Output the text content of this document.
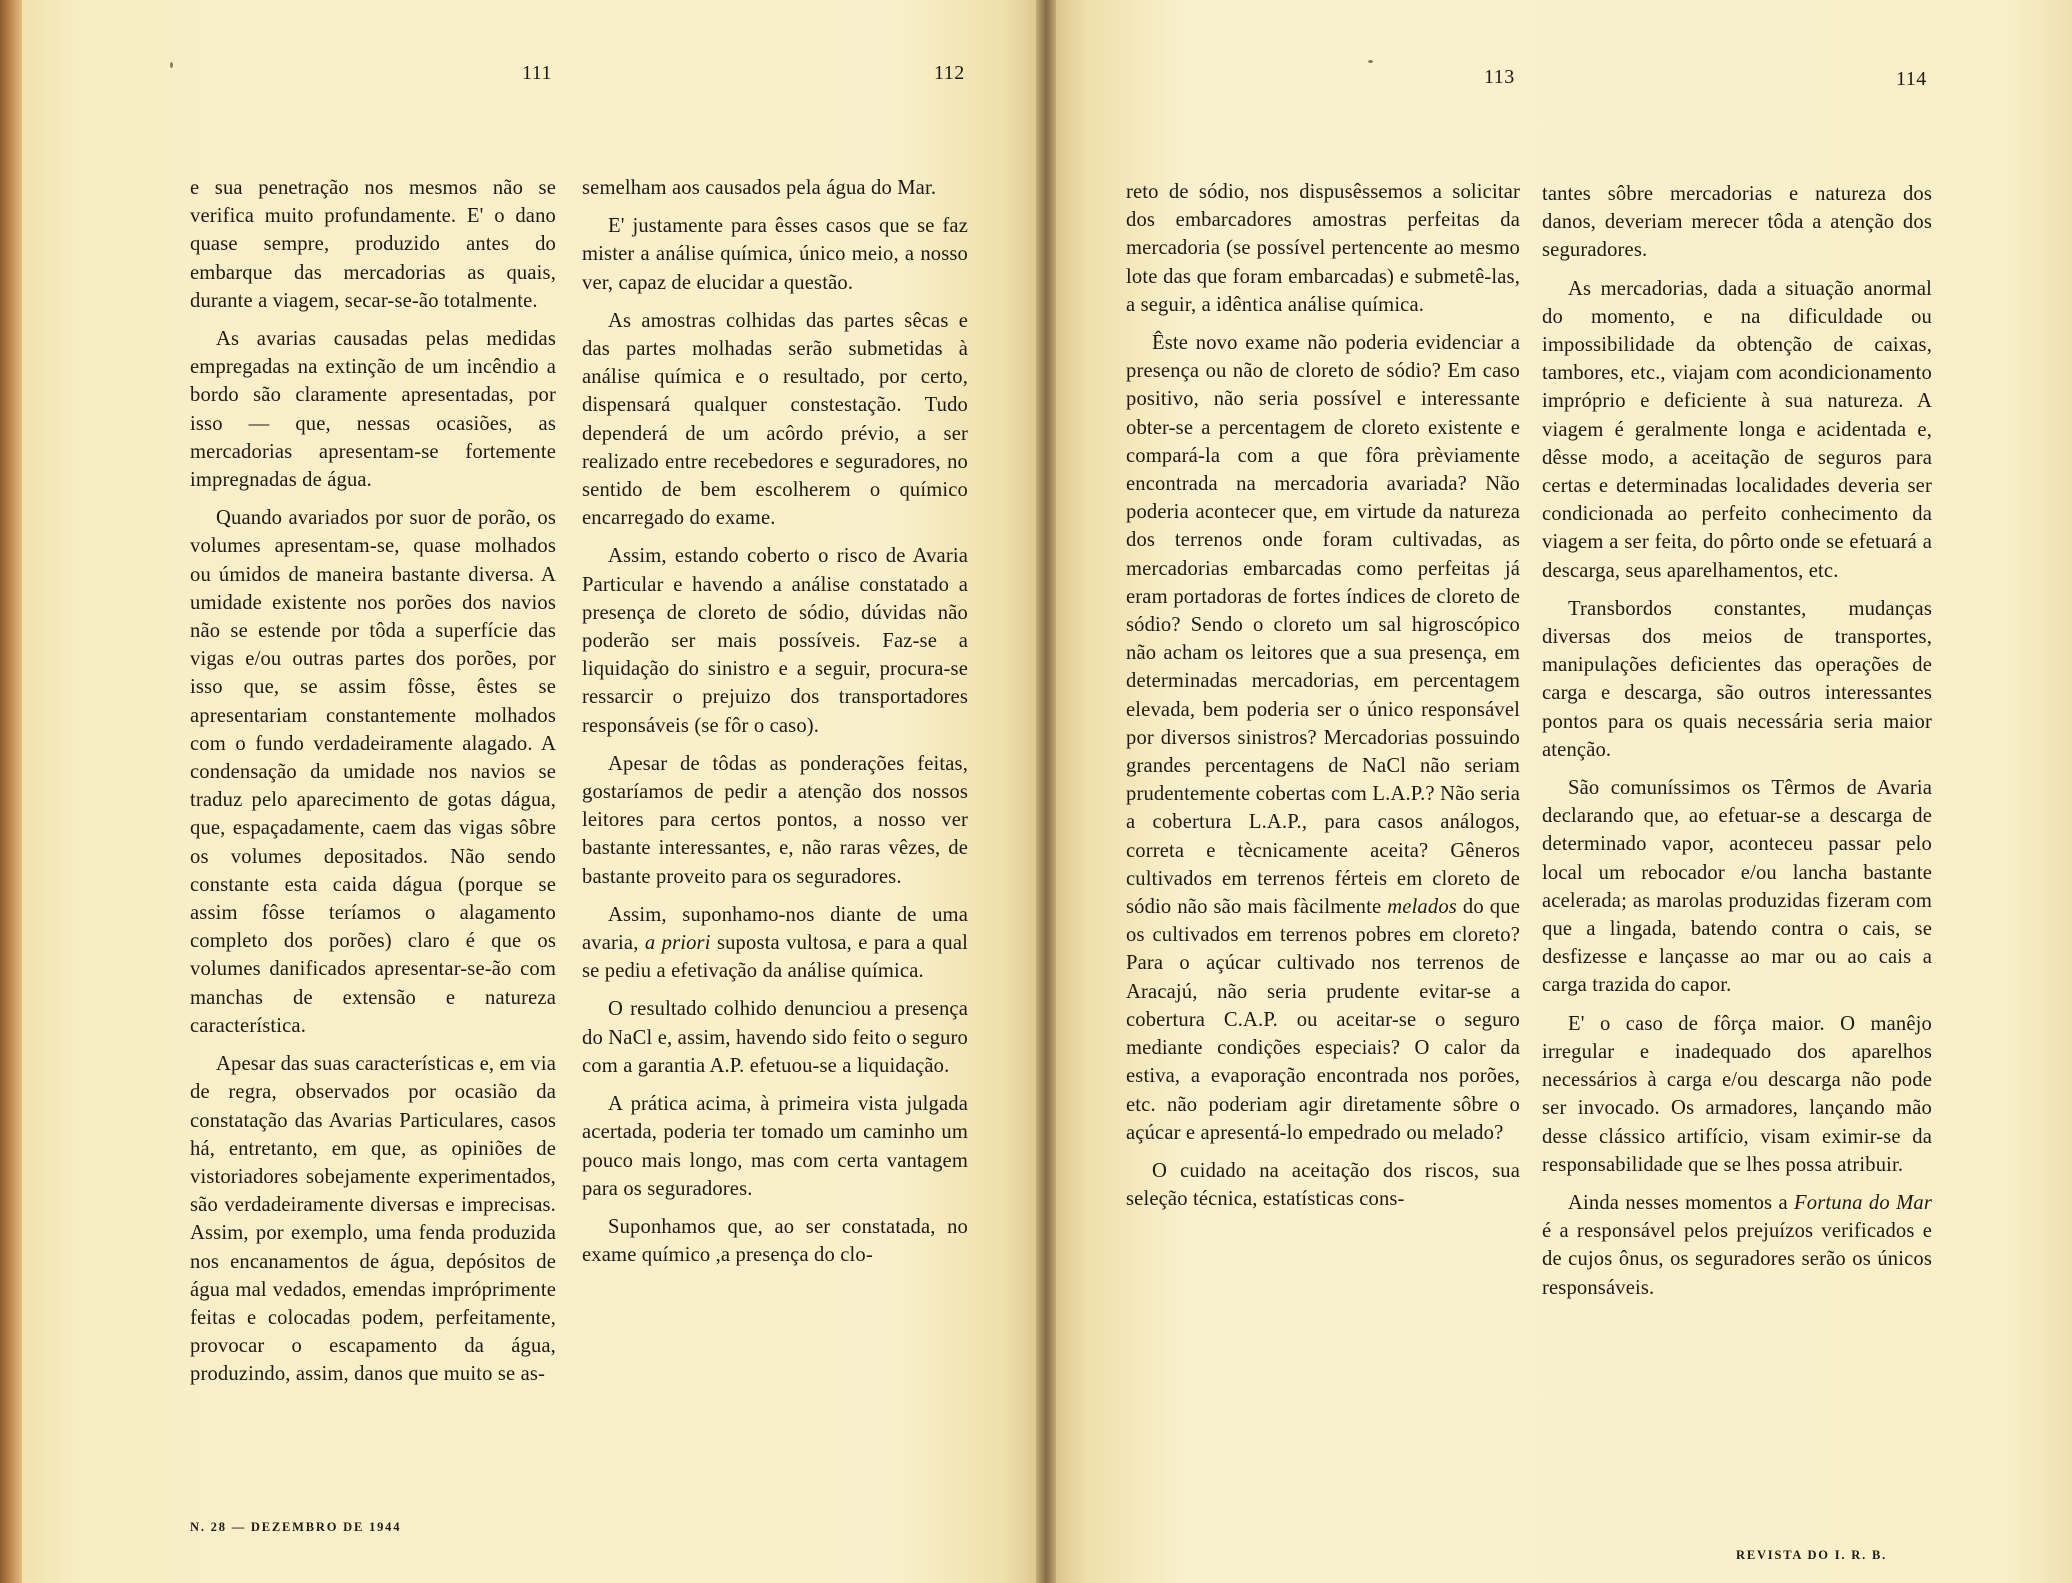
111	112	113	114

e sua penetração nos mesmos não se verifica muito profundamente. E' o dano quase sempre, produzido antes do embarque das mercadorias as quais, durante a viagem, secar-se-ão totalmente.

As avarias causadas pelas medidas empregadas na extinção de um incêndio a bordo são claramente apresentadas, por isso — que, nessas ocasiões, as mercadorias apresentam-se fortemente impregnadas de água.

Quando avariados por suor de porão, os volumes apresentam-se, quase molhados ou úmidos de maneira bastante diversa. A umidade existente nos porões dos navios não se estende por tôda a superfície das vigas e/ou outras partes dos porões, por isso que, se assim fôsse, êstes se apresentariam constantemente molhados com o fundo verdadeiramente alagado. A condensação da umidade nos navios se traduz pelo aparecimento de gotas dágua, que, espaçadamente, caem das vigas sôbre os volumes depositados. Não sendo constante esta caida dágua (porque se assim fôsse teríamos o alagamento completo dos porões) claro é que os volumes danificados apresentar-se-ão com manchas de extensão e natureza característica.

Apesar das suas características e, em via de regra, observados por ocasião da constatação das Avarias Particulares, casos há, entretanto, em que, as opiniões de vistoriadores sobejamente experimentados, são verdadeiramente diversas e imprecisas. Assim, por exemplo, uma fenda produzida nos encanamentos de água, depósitos de água mal vedados, emendas impróprimente feitas e colocadas podem, perfeitamente, provocar o escapamento da água, produzindo, assim, danos que muito se as-

semelham aos causados pela água do Mar.

E' justamente para êsses casos que se faz mister a análise química, único meio, a nosso ver, capaz de elucidar a questão.

As amostras colhidas das partes sêcas e das partes molhadas serão submetidas à análise química e o resultado, por certo, dispensará qualquer constestação. Tudo dependerá de um acôrdo prévio, a ser realizado entre recebedores e seguradores, no sentido de bem escolherem o químico encarregado do exame.

Assim, estando coberto o risco de Avaria Particular e havendo a análise constatado a presença de cloreto de sódio, dúvidas não poderão ser mais possíveis. Faz-se a liquidação do sinistro e a seguir, procura-se ressarcir o prejuizo dos transportadores responsáveis (se fôr o caso).

Apesar de tôdas as ponderações feitas, gostaríamos de pedir a atenção dos nossos leitores para certos pontos, a nosso ver bastante interessantes, e, não raras vêzes, de bastante proveito para os seguradores.

Assim, suponhamo-nos diante de uma avaria, a priori suposta vultosa, e para a qual se pediu a efetivação da análise química.

O resultado colhido denunciou a presença do NaCl e, assim, havendo sido feito o seguro com a garantia A.P. efetuou-se a liquidação.

A prática acima, à primeira vista julgada acertada, poderia ter tomado um caminho um pouco mais longo, mas com certa vantagem para os seguradores.

Suponhamos que, ao ser constatada, no exame químico ,a presença do clo-

reto de sódio, nos dispusêssemos a solicitar dos embarcadores amostras perfeitas da mercadoria (se possível pertencente ao mesmo lote das que foram embarcadas) e submetê-las, a seguir, a idêntica análise química.

Êste novo exame não poderia evidenciar a presença ou não de cloreto de sódio? Em caso positivo, não seria possível e interessante obter-se a percentagem de cloreto existente e compará-la com a que fôra prèviamente encontrada na mercadoria avariada? Não poderia acontecer que, em virtude da natureza dos terrenos onde foram cultivadas, as mercadorias embarcadas como perfeitas já eram portadoras de fortes índices de cloreto de sódio? Sendo o cloreto um sal higroscópico não acham os leitores que a sua presença, em determinadas mercadorias, em percentagem elevada, bem poderia ser o único responsável por diversos sinistros? Mercadorias possuindo grandes percentagens de NaCl não seriam prudentemente cobertas com L.A.P.? Não seria a cobertura L.A.P., para casos análogos, correta e tècnicamente aceita? Gêneros cultivados em terrenos férteis em cloreto de sódio não são mais fàcilmente melados do que os cultivados em terrenos pobres em cloreto? Para o açúcar cultivado nos terrenos de Aracajú, não seria prudente evitar-se a cobertura C.A.P. ou aceitar-se o seguro mediante condições especiais? O calor da estiva, a evaporação encontrada nos porões, etc. não poderiam agir diretamente sôbre o açúcar e apresentá-lo empedrado ou melado?

O cuidado na aceitação dos riscos, sua seleção técnica, estatísticas cons-

tantes sôbre mercadorias e natureza dos danos, deveriam merecer tôda a atenção dos seguradores.

As mercadorias, dada a situação anormal do momento, e na dificuldade ou impossibilidade da obtenção de caixas, tambores, etc., viajam com acondicionamento impróprio e deficiente à sua natureza. A viagem é geralmente longa e acidentada e, dêsse modo, a aceitação de seguros para certas e determinadas localidades deveria ser condicionada ao perfeito conhecimento da viagem a ser feita, do pôrto onde se efetuará a descarga, seus aparelhamentos, etc.

Transbordos constantes, mudanças diversas dos meios de transportes, manipulações deficientes das operações de carga e descarga, são outros interessantes pontos para os quais necessária seria maior atenção.

São comuníssimos os Têrmos de Avaria declarando que, ao efetuar-se a descarga de determinado vapor, aconteceu passar pelo local um rebocador e/ou lancha bastante acelerada; as marolas produzidas fizeram com que a lingada, batendo contra o cais, se desfizesse e lançasse ao mar ou ao cais a carga trazida do capor.

E' o caso de fôrça maior. O manêjo irregular e inadequado dos aparelhos necessários à carga e/ou descarga não pode ser invocado. Os armadores, lançando mão desse clássico artifício, visam eximir-se da responsabilidade que se lhes possa atribuir.

Ainda nesses momentos a Fortuna do Mar é a responsável pelos prejuízos verificados e de cujos ônus, os seguradores serão os únicos responsáveis.

N. 28 — DEZEMBRO DE 1944
REVISTA DO I. R. B.
